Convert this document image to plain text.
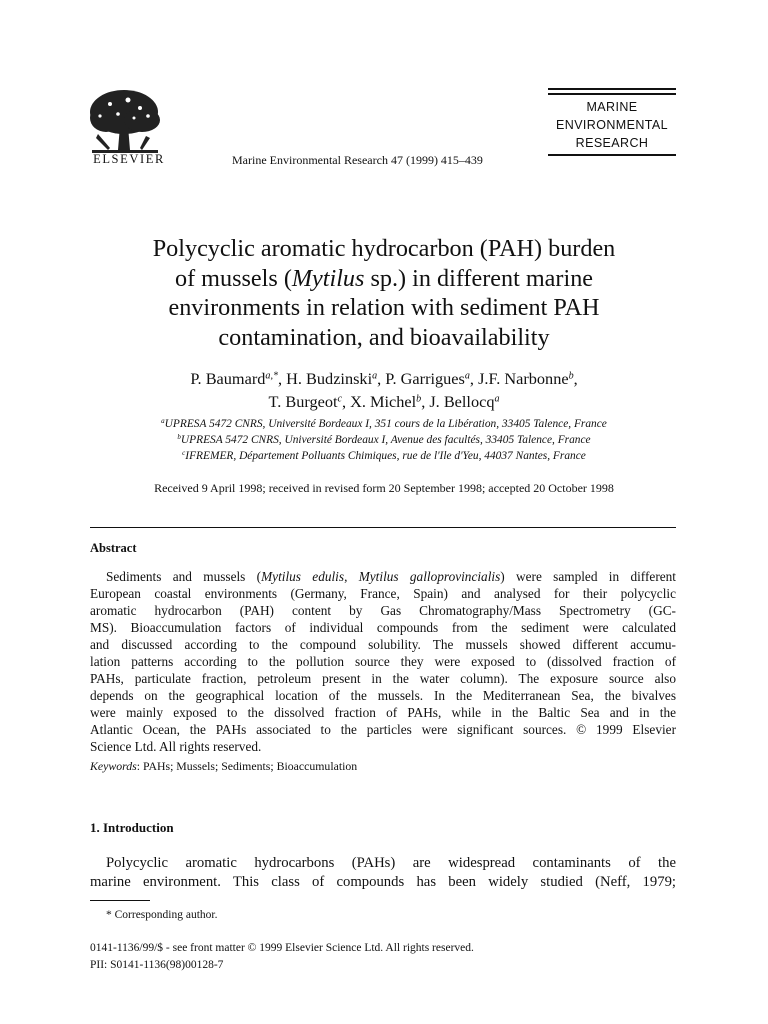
ELSEVIER	Marine Environmental Research 47 (1999) 415–439
MARINE
ENVIRONMENTAL
RESEARCH
Polycyclic aromatic hydrocarbon (PAH) burden
of mussels (Mytilus sp.) in different marine
environments in relation with sediment PAH
contamination, and bioavailability
P. Baumard$^{a,*}$, H. Budzinski$^a$, P. Garrigues$^a$, J.F. Narbonne$^b$,
T. Burgeot$^c$, X. Michel$^b$, J. Bellocq$^a$
$^a$UPRESA 5472 CNRS, Université Bordeaux I, 351 cours de la Libération, 33405 Talence, France
$^b$UPRESA 5472 CNRS, Université Bordeaux I, Avenue des facultés, 33405 Talence, France
$^c$IFREMER, Département Polluants Chimiques, rue de l'Ile d'Yeu, 44037 Nantes, France
Received 9 April 1998; received in revised form 20 September 1998; accepted 20 October 1998
Abstract
Sediments and mussels (Mytilus edulis, Mytilus galloprovincialis) were sampled in different
European coastal environments (Germany, France, Spain) and analysed for their polycyclic
aromatic hydrocarbon (PAH) content by Gas Chromatography/Mass Spectrometry (GC-
MS). Bioaccumulation factors of individual compounds from the sediment were calculated
and discussed according to the compound solubility. The mussels showed different accumu-
lation patterns according to the pollution source they were exposed to (dissolved fraction of
PAHs, particulate fraction, petroleum present in the water column). The exposure source also
depends on the geographical location of the mussels. In the Mediterranean Sea, the bivalves
were mainly exposed to the dissolved fraction of PAHs, while in the Baltic Sea and in the
Atlantic Ocean, the PAHs associated to the particles were significant sources. © 1999 Elsevier
Science Ltd. All rights reserved.
Keywords: PAHs; Mussels; Sediments; Bioaccumulation
1. Introduction
Polycyclic aromatic hydrocarbons (PAHs) are widespread contaminants of the
marine environment. This class of compounds has been widely studied (Neff, 1979;
* Corresponding author.
0141-1136/99/$ - see front matter © 1999 Elsevier Science Ltd. All rights reserved.
PII: S0141-1136(98)00128-7
